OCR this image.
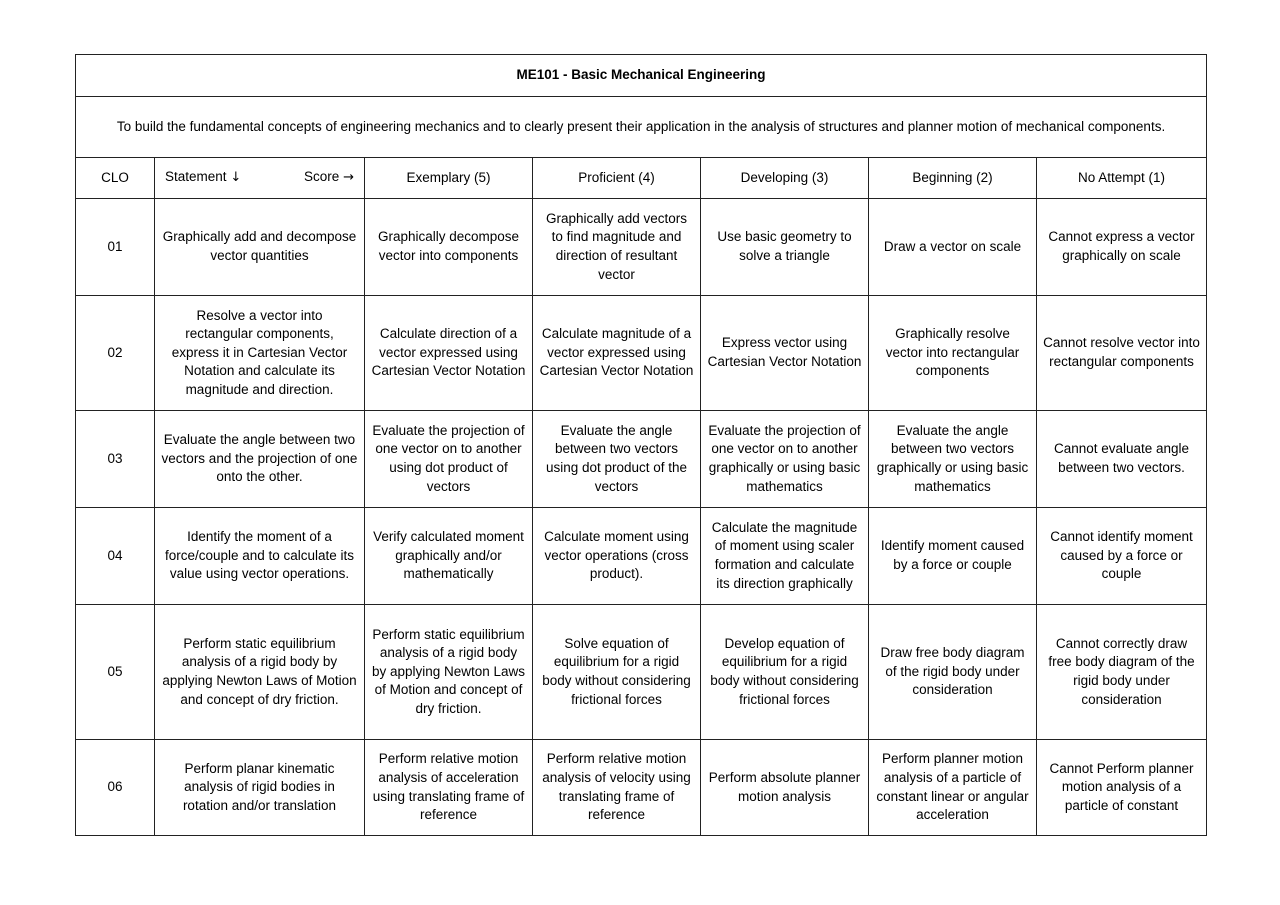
ME101 - Basic Mechanical Engineering						
To build the fundamental concepts of engineering mechanics and to clearly present their application in the analysis of structures and planner motion of mechanical components.						
CLO	Statement ↓ Score →	Exemplary (5)	Proficient (4)	Developing (3)	Beginning (2)	No Attempt (1)
01	Graphically add and decompose vector quantities	Graphically decompose vector into components	Graphically add vectors to find magnitude and direction of resultant vector	Use basic geometry to solve a triangle	Draw a vector on scale	Cannot express a vector graphically on scale
02	Resolve a vector into rectangular components, express it in Cartesian Vector Notation and calculate its magnitude and direction.	Calculate direction of a vector expressed using Cartesian Vector Notation	Calculate magnitude of a vector expressed using Cartesian Vector Notation	Express vector using Cartesian Vector Notation	Graphically resolve vector into rectangular components	Cannot resolve vector into rectangular components
03	Evaluate the angle between two vectors and the projection of one onto the other.	Evaluate the projection of one vector on to another using dot product of vectors	Evaluate the angle between two vectors using dot product of the vectors	Evaluate the projection of one vector on to another graphically or using basic mathematics	Evaluate the angle between two vectors graphically or using basic mathematics	Cannot evaluate angle between two vectors.
04	Identify the moment of a force/couple and to calculate its value using vector operations.	Verify calculated moment graphically and/or mathematically	Calculate moment using vector operations (cross product).	Calculate the magnitude of moment using scaler formation and calculate its direction graphically	Identify moment caused by a force or couple	Cannot identify moment caused by a force or couple
05	Perform static equilibrium analysis of a rigid body by applying Newton Laws of Motion and concept of dry friction.	Perform static equilibrium analysis of a rigid body by applying Newton Laws of Motion and concept of dry friction.	Solve equation of equilibrium for a rigid body without considering frictional forces	Develop equation of equilibrium for a rigid body without considering frictional forces	Draw free body diagram of the rigid body under consideration	Cannot correctly draw free body diagram of the rigid body under consideration
06	Perform planar kinematic analysis of rigid bodies in rotation and/or translation	Perform relative motion analysis of acceleration using translating frame of reference	Perform relative motion analysis of velocity using translating frame of reference	Perform absolute planner motion analysis	Perform planner motion analysis of a particle of constant linear or angular acceleration	Cannot Perform planner motion analysis of a particle of constant
